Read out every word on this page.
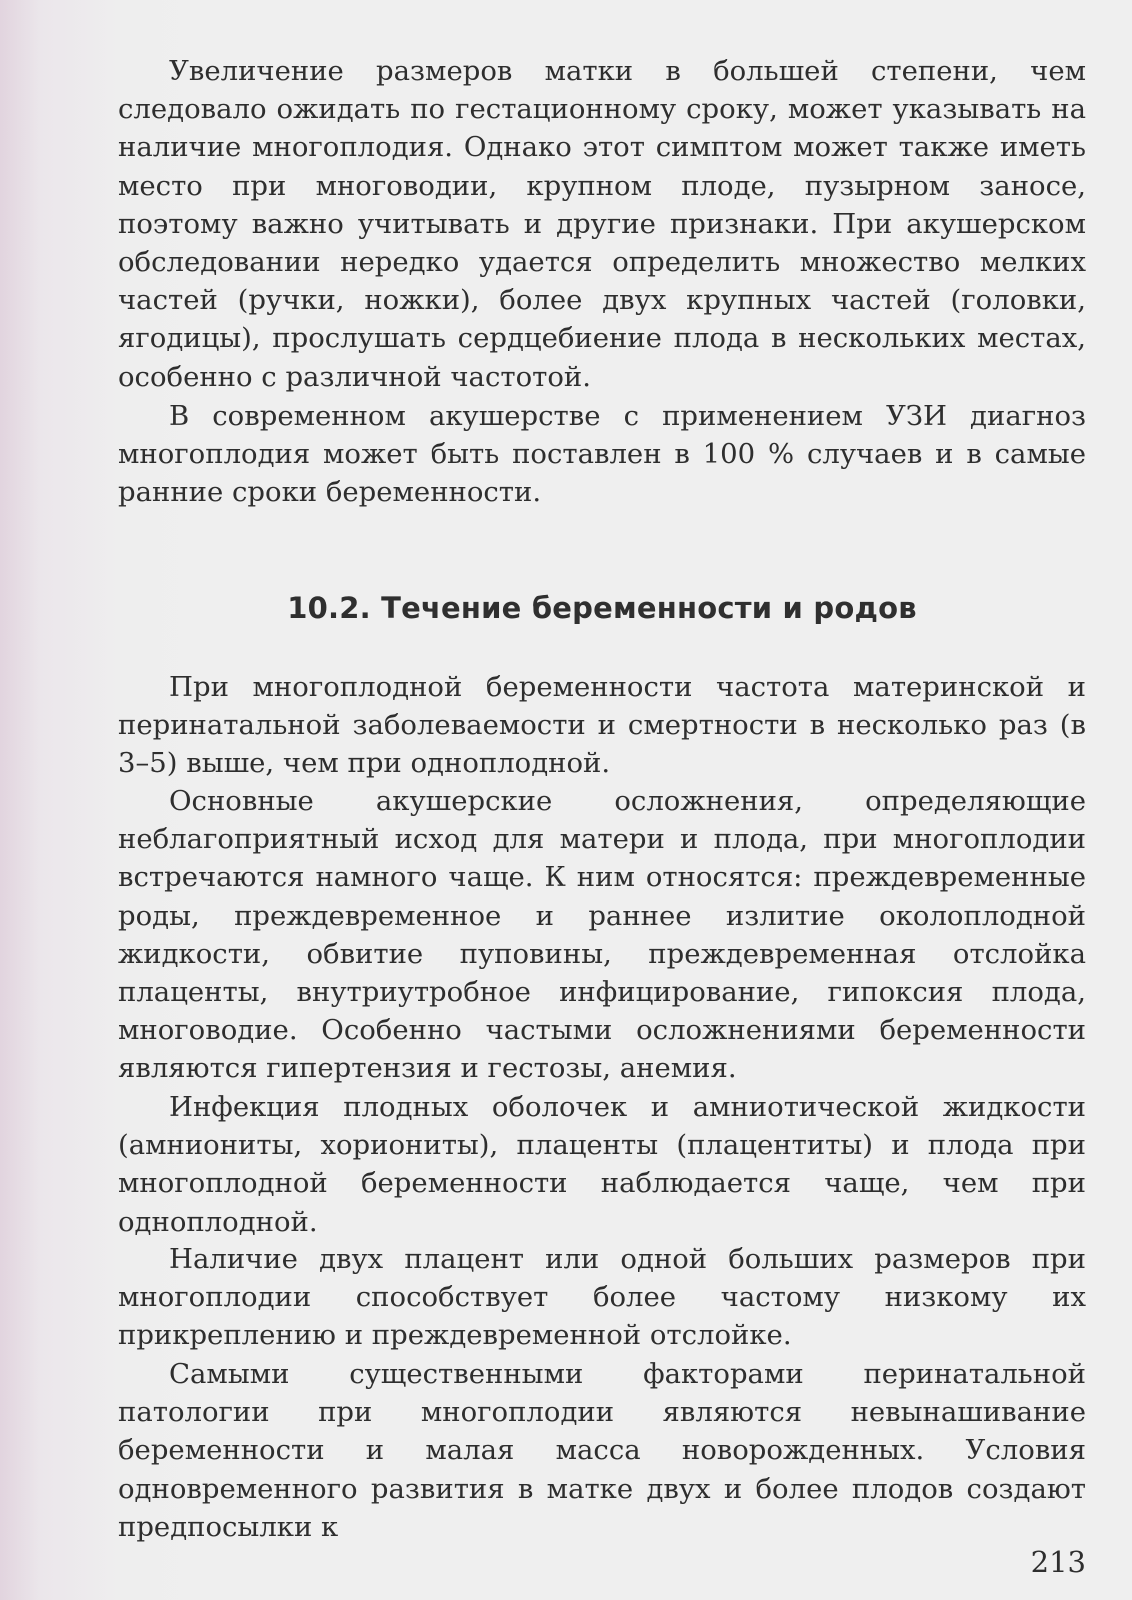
Увеличение размеров матки в большей степени, чем следовало ожидать по гестационному сроку, может указывать на наличие многоплодия. Однако этот симптом может также иметь место при многоводии, крупном плоде, пузырном заносе, поэтому важно учитывать и другие признаки. При акушерском обследовании нередко удается определить множество мелких частей (ручки, ножки), более двух крупных частей (головки, ягодицы), прослушать сердцебиение плода в нескольких местах, особенно с различной частотой.

В современном акушерстве с применением УЗИ диагноз многоплодия может быть поставлен в 100 % случаев и в самые ранние сроки беременности.

10.2. Течение беременности и родов

При многоплодной беременности частота материнской и перинатальной заболеваемости и смертности в несколько раз (в 3–5) выше, чем при одноплодной.

Основные акушерские осложнения, определяющие неблагоприятный исход для матери и плода, при многоплодии встречаются намного чаще. К ним относятся: преждевременные роды, преждевременное и раннее излитие околоплодной жидкости, обвитие пуповины, преждевременная отслойка плаценты, внутриутробное инфицирование, гипоксия плода, многоводие. Особенно частыми осложнениями беременности являются гипертензия и гестозы, анемия.

Инфекция плодных оболочек и амниотической жидкости (амниониты, хориониты), плаценты (плацентиты) и плода при многоплодной беременности наблюдается чаще, чем при одноплодной.

Наличие двух плацент или одной больших размеров при многоплодии способствует более частому низкому их прикреплению и преждевременной отслойке.

Самыми существенными факторами перинатальной патологии при многоплодии являются невынашивание беременности и малая масса новорожденных. Условия одновременного развития в матке двух и более плодов создают предпосылки к

213
